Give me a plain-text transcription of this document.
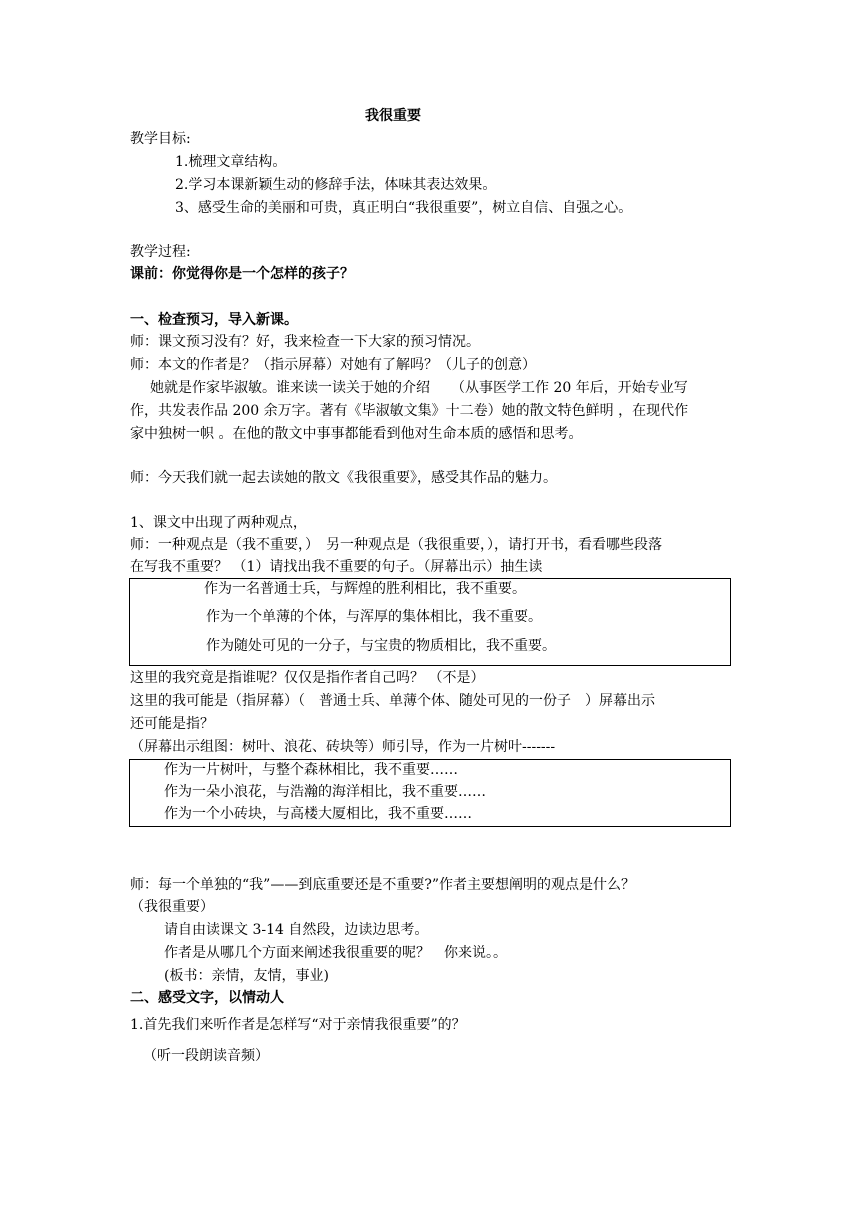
我很重要
教学目标:
1.梳理文章结构。
2.学习本课新颖生动的修辞手法，体味其表达效果。
3、感受生命的美丽和可贵，真正明白“我很重要”，树立自信、自强之心。
教学过程:
课前：你觉得你是一个怎样的孩子？
一、检查预习，导入新课。
师：课文预习没有？好，我来检查一下大家的预习情况。
师：本文的作者是？（指示屏幕）对她有了解吗？（儿子的创意）
她就是作家毕淑敏。谁来读一读关于她的介绍　　（从事医学工作 20 年后，开始专业写
作，共发表作品 200 余万字。著有《毕淑敏文集》十二卷）她的散文特色鲜明 ，在现代作
家中独树一帜 。在他的散文中事事都能看到他对生命本质的感悟和思考。
师：今天我们就一起去读她的散文《我很重要》，感受其作品的魅力。
1、课文中出现了两种观点，
师：一种观点是（我不重要，）　另一种观点是（我很重要，），请打开书，看看哪些段落
在写我不重要？ （1）请找出我不重要的句子。（屏幕出示）抽生读
作为一名普通士兵，与辉煌的胜利相比，我不重要。
作为一个单薄的个体，与浑厚的集体相比，我不重要。
作为随处可见的一分子，与宝贵的物质相比，我不重要。
这里的我究竟是指谁呢？仅仅是指作者自己吗？ （不是）
这里的我可能是（指屏幕）（　普通士兵、单薄个体、随处可见的一份子　）屏幕出示
还可能是指？
（屏幕出示组图：树叶、浪花、砖块等）师引导，作为一片树叶-------
作为一片树叶，与整个森林相比，我不重要……
作为一朵小浪花，与浩瀚的海洋相比，我不重要……
作为一个小砖块，与高楼大厦相比，我不重要……
师：每一个单独的“我”——到底重要还是不重要?”作者主要想阐明的观点是什么？
（我很重要）
请自由读课文 3-14 自然段，边读边思考。
作者是从哪几个方面来阐述我很重要的呢？　你来说。。
(板书：亲情，友情，事业)
二、感受文字，以情动人
1.首先我们来听作者是怎样写“对于亲情我很重要”的？
（听一段朗读音频）
